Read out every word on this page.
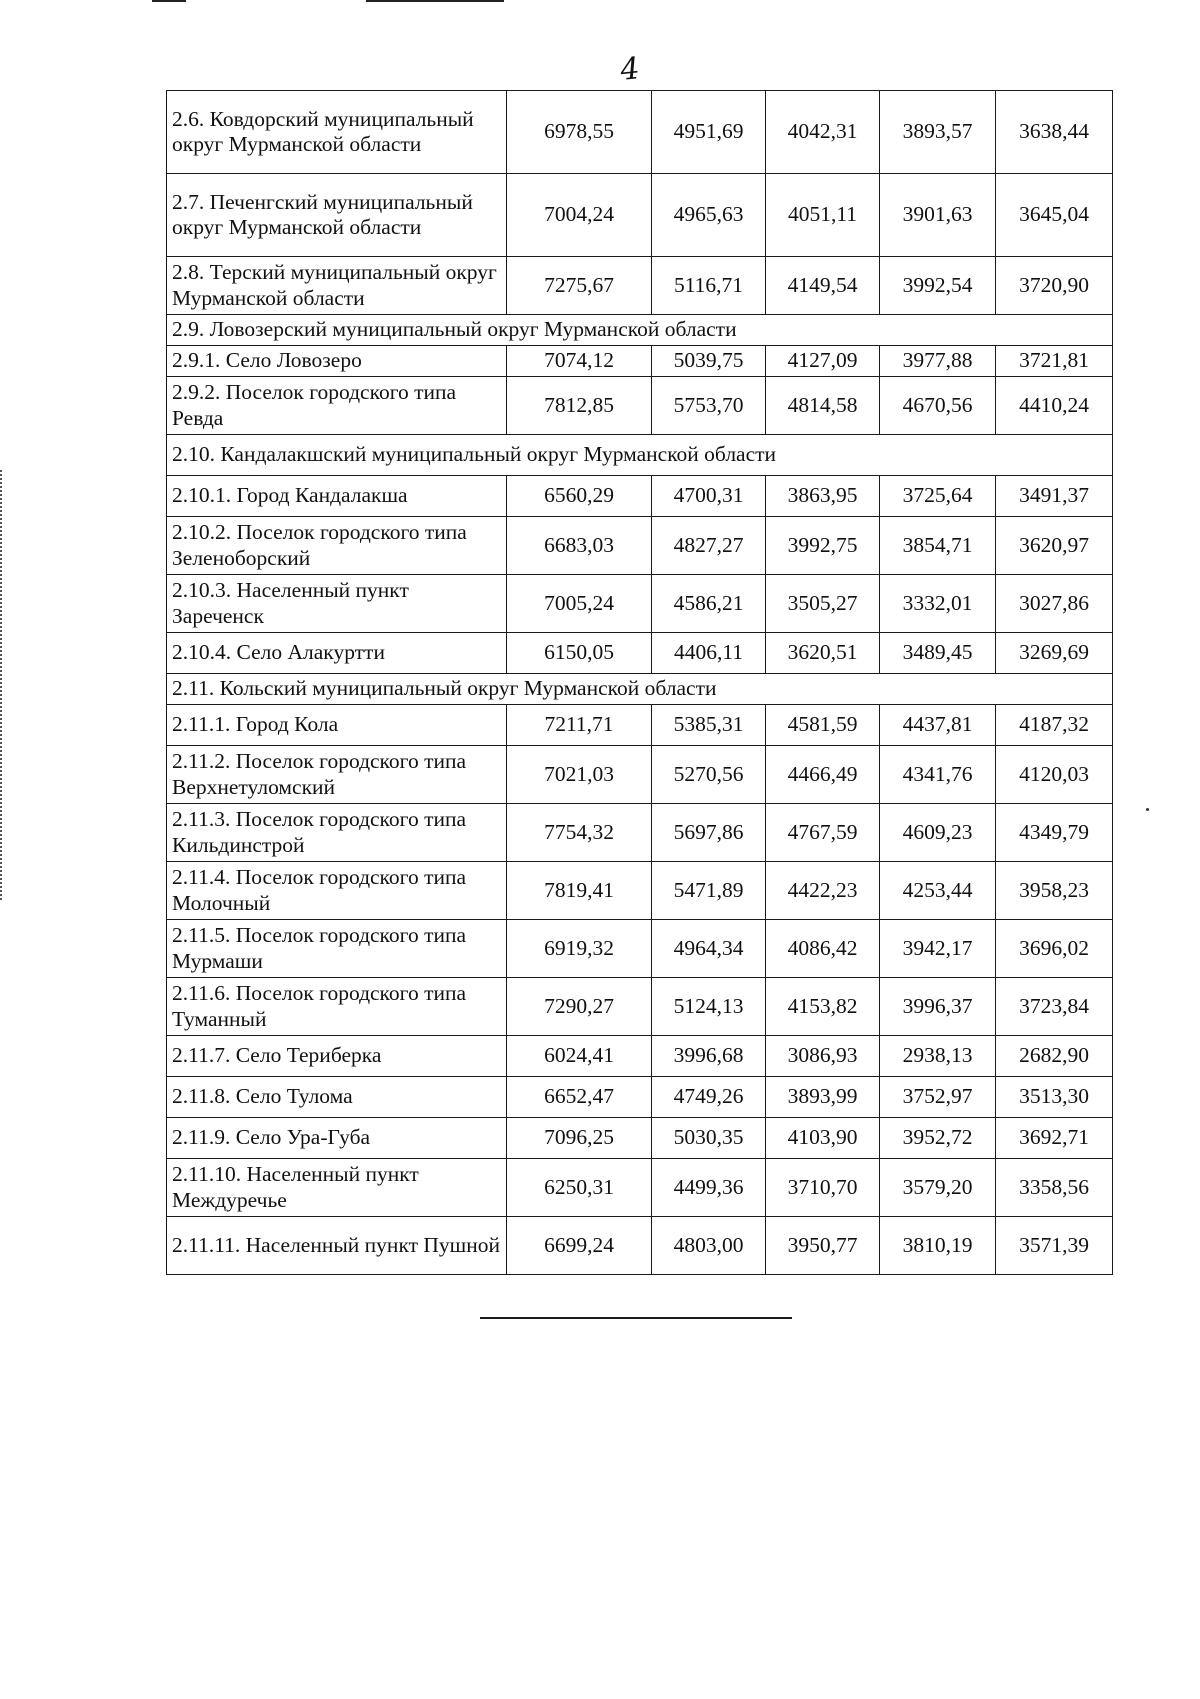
4
2.6. Ковдорский муниципальный округ Мурманской области	6978,55	4951,69	4042,31	3893,57	3638,44
2.7. Печенгский муниципальный округ Мурманской области	7004,24	4965,63	4051,11	3901,63	3645,04
2.8. Терский муниципальный округ Мурманской области	7275,67	5116,71	4149,54	3992,54	3720,90
2.9. Ловозерский муниципальный округ Мурманской области					
2.9.1. Село Ловозеро	7074,12	5039,75	4127,09	3977,88	3721,81
2.9.2. Поселок городского типа Ревда	7812,85	5753,70	4814,58	4670,56	4410,24
2.10. Кандалакшский муниципальный округ Мурманской области					
2.10.1. Город Кандалакша	6560,29	4700,31	3863,95	3725,64	3491,37
2.10.2. Поселок городского типа Зеленоборский	6683,03	4827,27	3992,75	3854,71	3620,97
2.10.3. Населенный пункт Зареченск	7005,24	4586,21	3505,27	3332,01	3027,86
2.10.4. Село Алакуртти	6150,05	4406,11	3620,51	3489,45	3269,69
2.11. Кольский муниципальный округ Мурманской области					
2.11.1. Город Кола	7211,71	5385,31	4581,59	4437,81	4187,32
2.11.2. Поселок городского типа Верхнетуломский	7021,03	5270,56	4466,49	4341,76	4120,03
2.11.3. Поселок городского типа Кильдинстрой	7754,32	5697,86	4767,59	4609,23	4349,79
2.11.4. Поселок городского типа Молочный	7819,41	5471,89	4422,23	4253,44	3958,23
2.11.5. Поселок городского типа Мурмаши	6919,32	4964,34	4086,42	3942,17	3696,02
2.11.6. Поселок городского типа Туманный	7290,27	5124,13	4153,82	3996,37	3723,84
2.11.7. Село Териберка	6024,41	3996,68	3086,93	2938,13	2682,90
2.11.8. Село Тулома	6652,47	4749,26	3893,99	3752,97	3513,30
2.11.9. Село Ура-Губа	7096,25	5030,35	4103,90	3952,72	3692,71
2.11.10. Населенный пункт Междуречье	6250,31	4499,36	3710,70	3579,20	3358,56
2.11.11. Населенный пункт Пушной	6699,24	4803,00	3950,77	3810,19	3571,39
